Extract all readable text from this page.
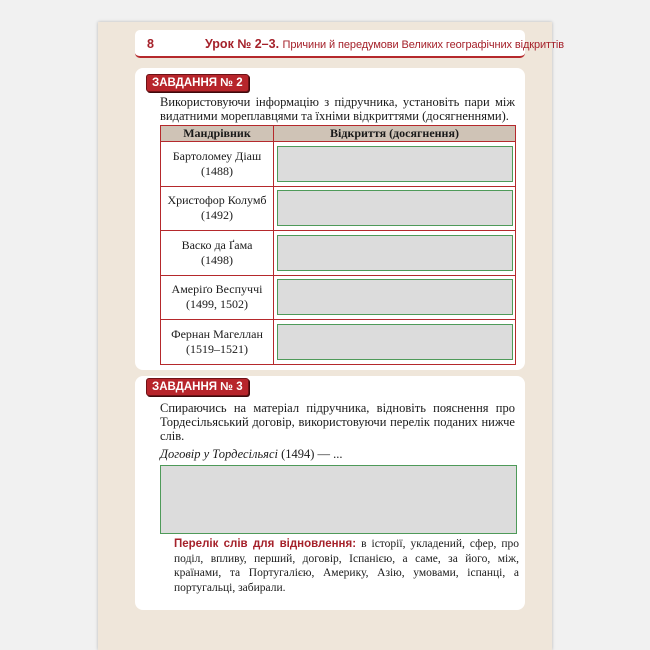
8	Урок № 2–3. Причини й передумови Великих географічних відкриттів
ЗАВДАННЯ № 2
Використовуючи інформацію з підручника, установіть пари між видатними мореплавцями та їхніми відкриттями (досягненнями).
Мандрівник	Відкриття (досягнення)

Бартоломеу Діаш
(1488)	

Христофор Колумб
(1492)	

Васко да Ґама
(1498)	

Амеріґо Веспуччі
(1499, 1502)	

Фернан Магеллан
(1519–1521)	

ЗАВДАННЯ № 3
Спираючись на матеріал підручника, відновіть пояснення про Тордесільяський договір, використовуючи перелік поданих нижче слів.
Договір у Тордесільясі (1494) — ...
Перелік слів для відновлення: в історії, укладений, сфер, про поділ, впливу, перший, договір, Іспанією, а саме, за його, між, країнами, та Португалією, Америку, Азію, умовами, іспанці, а португальці, забирали.
